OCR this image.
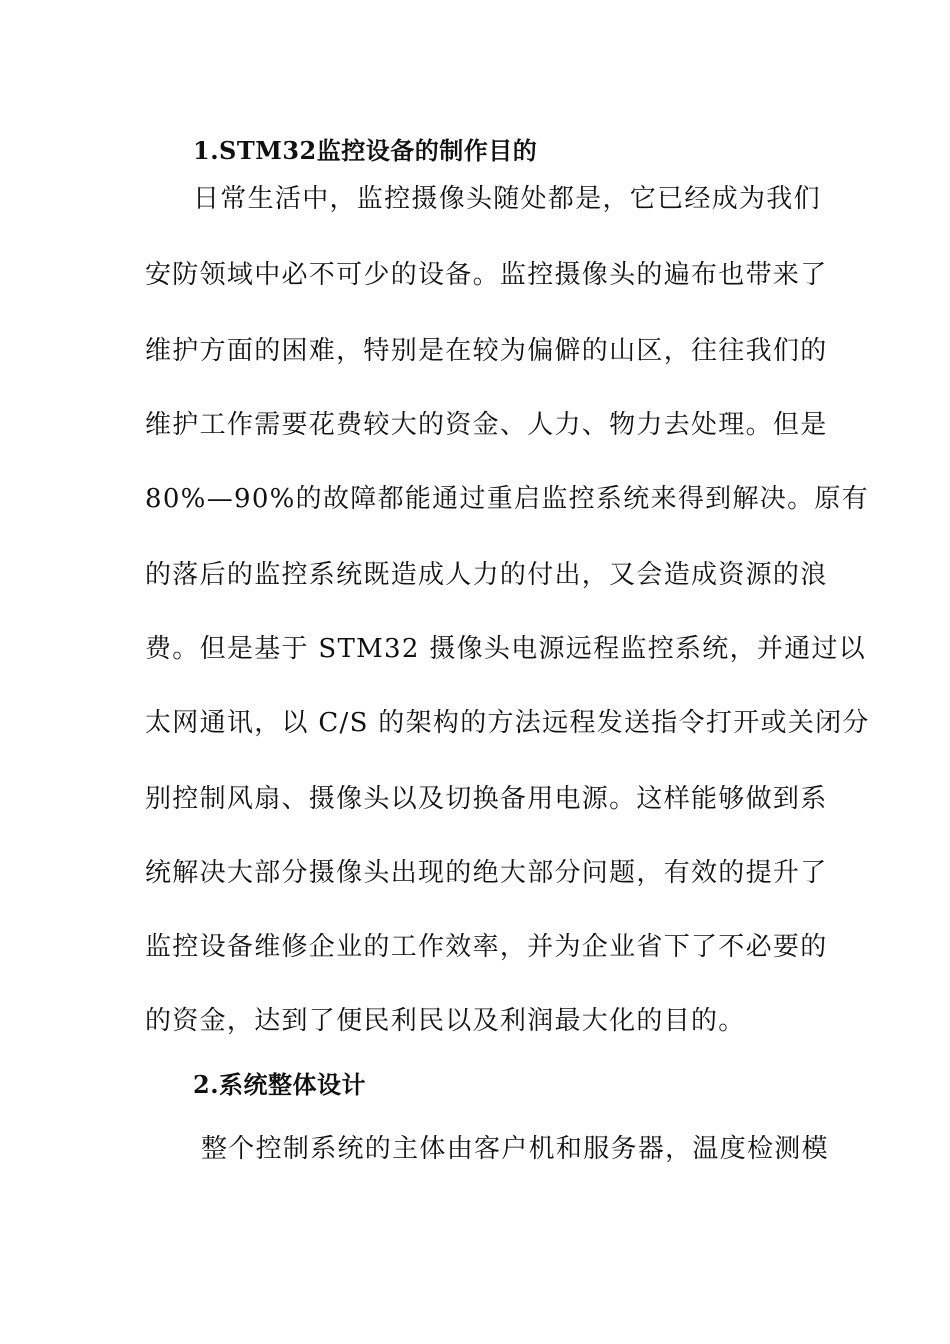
1.STM32监控设备的制作目的
日常生活中，监控摄像头随处都是，它已经成为我们
安防领域中必不可少的设备。监控摄像头的遍布也带来了
维护方面的困难，特别是在较为偏僻的山区，往往我们的
维护工作需要花费较大的资金、人力、物力去处理。但是
80%—90%的故障都能通过重启监控系统来得到解决。原有
的落后的监控系统既造成人力的付出，又会造成资源的浪
费。但是基于 STM32 摄像头电源远程监控系统，并通过以
太网通讯，以 C/S 的架构的方法远程发送指令打开或关闭分
别控制风扇、摄像头以及切换备用电源。这样能够做到系
统解决大部分摄像头出现的绝大部分问题，有效的提升了
监控设备维修企业的工作效率，并为企业省下了不必要的
的资金，达到了便民利民以及利润最大化的目的。
2.系统整体设计
整个控制系统的主体由客户机和服务器，温度检测模
